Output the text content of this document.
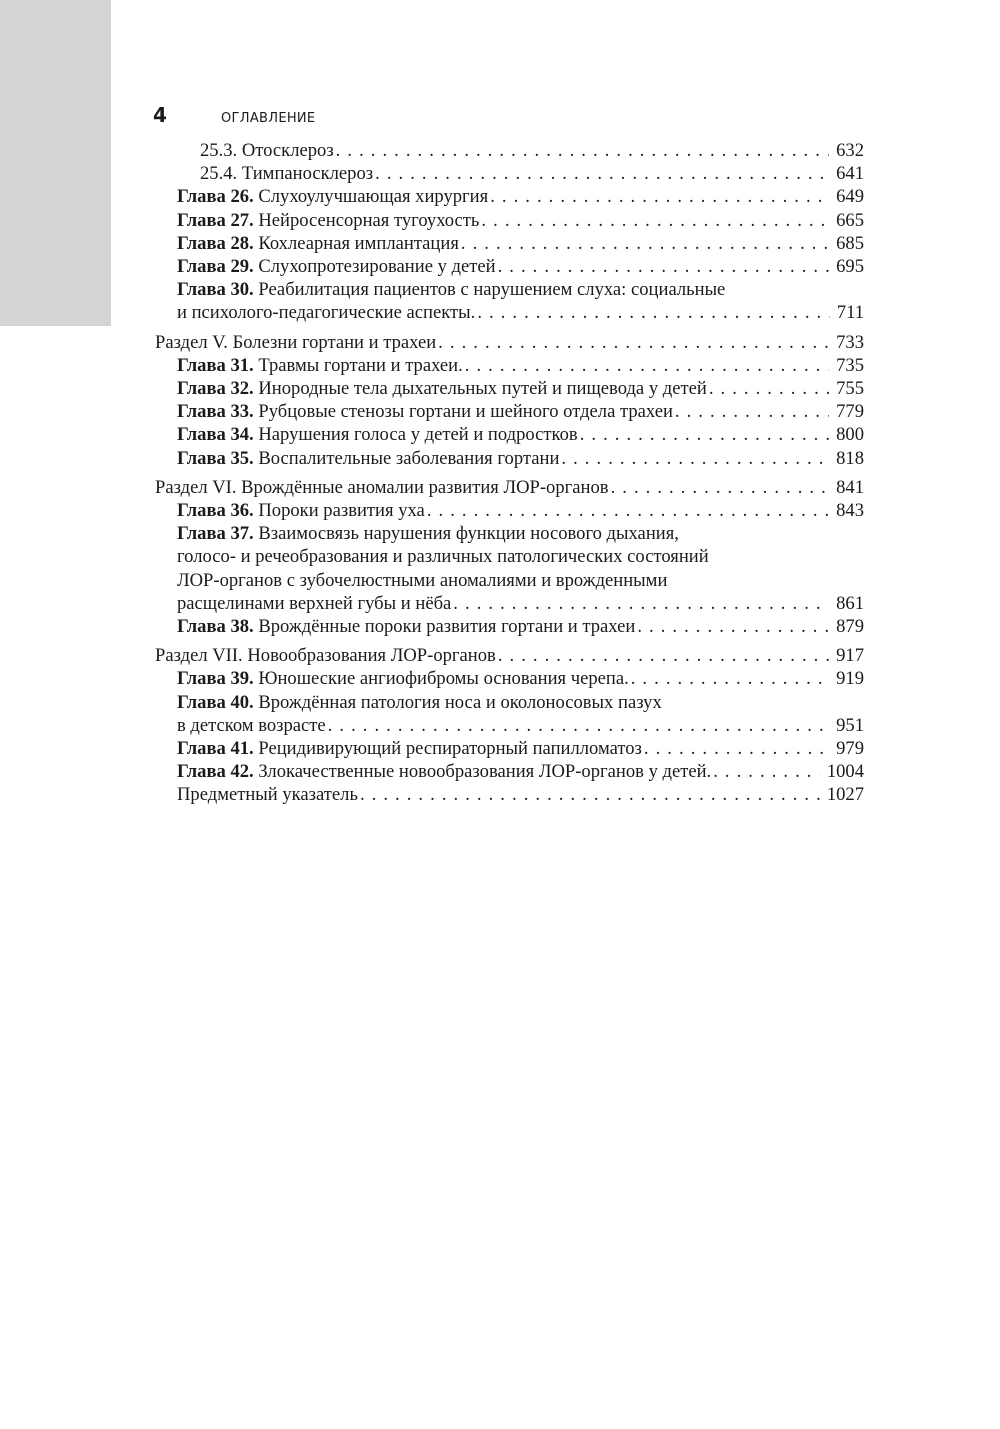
4	ОГЛАВЛЕНИЕ
25.3. Отосклероз . . .	632
25.4. Тимпаносклероз . . .	641
Глава 26. Слухоулучшающая хирургия . . .	649
Глава 27. Нейросенсорная тугоухость . . .	665
Глава 28. Кохлеарная имплантация . . .	685
Глава 29. Слухопротезирование у детей . . .	695
Глава 30. Реабилитация пациентов с нарушением слуха: социальные
и психолого-педагогические аспекты. . . .	711
Раздел V. Болезни гортани и трахеи . . .	733
Глава 31. Травмы гортани и трахеи. . . .	735
Глава 32. Инородные тела дыхательных путей и пищевода у детей . . .	755
Глава 33. Рубцовые стенозы гортани и шейного отдела трахеи . . .	779
Глава 34. Нарушения голоса у детей и подростков . . .	800
Глава 35. Воспалительные заболевания гортани . . .	818
Раздел VI. Врождённые аномалии развития ЛОР-органов . . .	841
Глава 36. Пороки развития уха . . .	843
Глава 37. Взаимосвязь нарушения функции носового дыхания,
голосо- и речеобразования и различных патологических состояний
ЛОР-органов с зубочелюстными аномалиями и врожденными
расщелинами верхней губы и нёба . . .	861
Глава 38. Врождённые пороки развития гортани и трахеи . . .	879
Раздел VII. Новообразования ЛОР-органов . . .	917
Глава 39. Юношеские ангиофибромы основания черепа. . . .	919
Глава 40. Врождённая патология носа и околоносовых пазух
в детском возрасте . . .	951
Глава 41. Рецидивирующий респираторный папилломатоз . . .	979
Глава 42. Злокачественные новообразования ЛОР-органов у детей. . . .	1004
Предметный указатель . . .	1027
